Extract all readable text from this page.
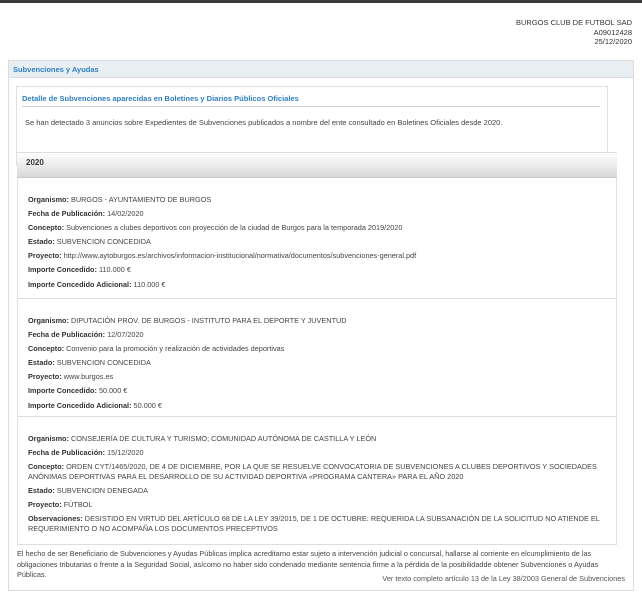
BURGOS CLUB DE FUTBOL SAD
A09012428
25/12/2020
Subvenciones y Ayudas
Detalle de Subvenciones aparecidas en Boletines y Diarios Públicos Oficiales
Se han detectado 3 anuncios sobre Expedientes de Subvenciones publicados a nombre del ente consultado en Boletines Oficiales desde 2020.
2020
Organismo: BURGOS - AYUNTAMIENTO DE BURGOS
Fecha de Publicación: 14/02/2020
Concepto: Subvenciones a clubes deportivos con proyección de la ciudad de Burgos para la temporada 2019/2020
Estado: SUBVENCION CONCEDIDA
Proyecto: http://www.aytoburgos.es/archivos/informacion-institucional/normativa/documentos/subvenciones-general.pdf
Importe Concedido: 110.000 €
Importe Concedido Adicional: 110.000 €
Organismo: DIPUTACIÓN PROV. DE BURGOS - INSTITUTO PARA EL DEPORTE Y JUVENTUD
Fecha de Publicación: 12/07/2020
Concepto: Convenio para la promoción y realización de actividades deportivas
Estado: SUBVENCION CONCEDIDA
Proyecto: www.burgos.es
Importe Concedido: 50.000 €
Importe Concedido Adicional: 50.000 €
Organismo: CONSEJERÍA DE CULTURA Y TURISMO; COMUNIDAD AUTÓNOMA DE CASTILLA Y LEÓN
Fecha de Publicación: 15/12/2020
Concepto: ORDEN CYT/1465/2020, DE 4 DE DICIEMBRE, POR LA QUE SE RESUELVE CONVOCATORIA DE SUBVENCIONES A CLUBES DEPORTIVOS Y SOCIEDADES ANÓNIMAS DEPORTIVAS PARA EL DESARROLLO DE SU ACTIVIDAD DEPORTIVA «PROGRAMA CANTERA» PARA EL AÑO 2020
Estado: SUBVENCION DENEGADA
Proyecto: FÚTBOL
Observaciones: DESISTIDO EN VIRTUD DEL ARTÍCULO 68 DE LA LEY 39/2015, DE 1 DE OCTUBRE: REQUERIDA LA SUBSANACIÓN DE LA SOLICITUD NO ATIENDE EL REQUERIMIENTO O NO ACOMPAÑA LOS DOCUMENTOS PRECEPTIVOS
El hecho de ser Beneficiario de Subvenciones y Ayudas Públicas implica acreditarno estar sujeto a intervención judicial o concursal, hallarse al corriente en elcumplimiento de las obligaciones tributarias o frente a la Seguridad Social, asícomo no haber sido condenado mediante sentencia firme a la pérdida de la posibilidadde obtener Subvenciones o Ayudas Públicas.	Ver texto completo artículo 13 de la Ley 38/2003 General de Subvenciones
